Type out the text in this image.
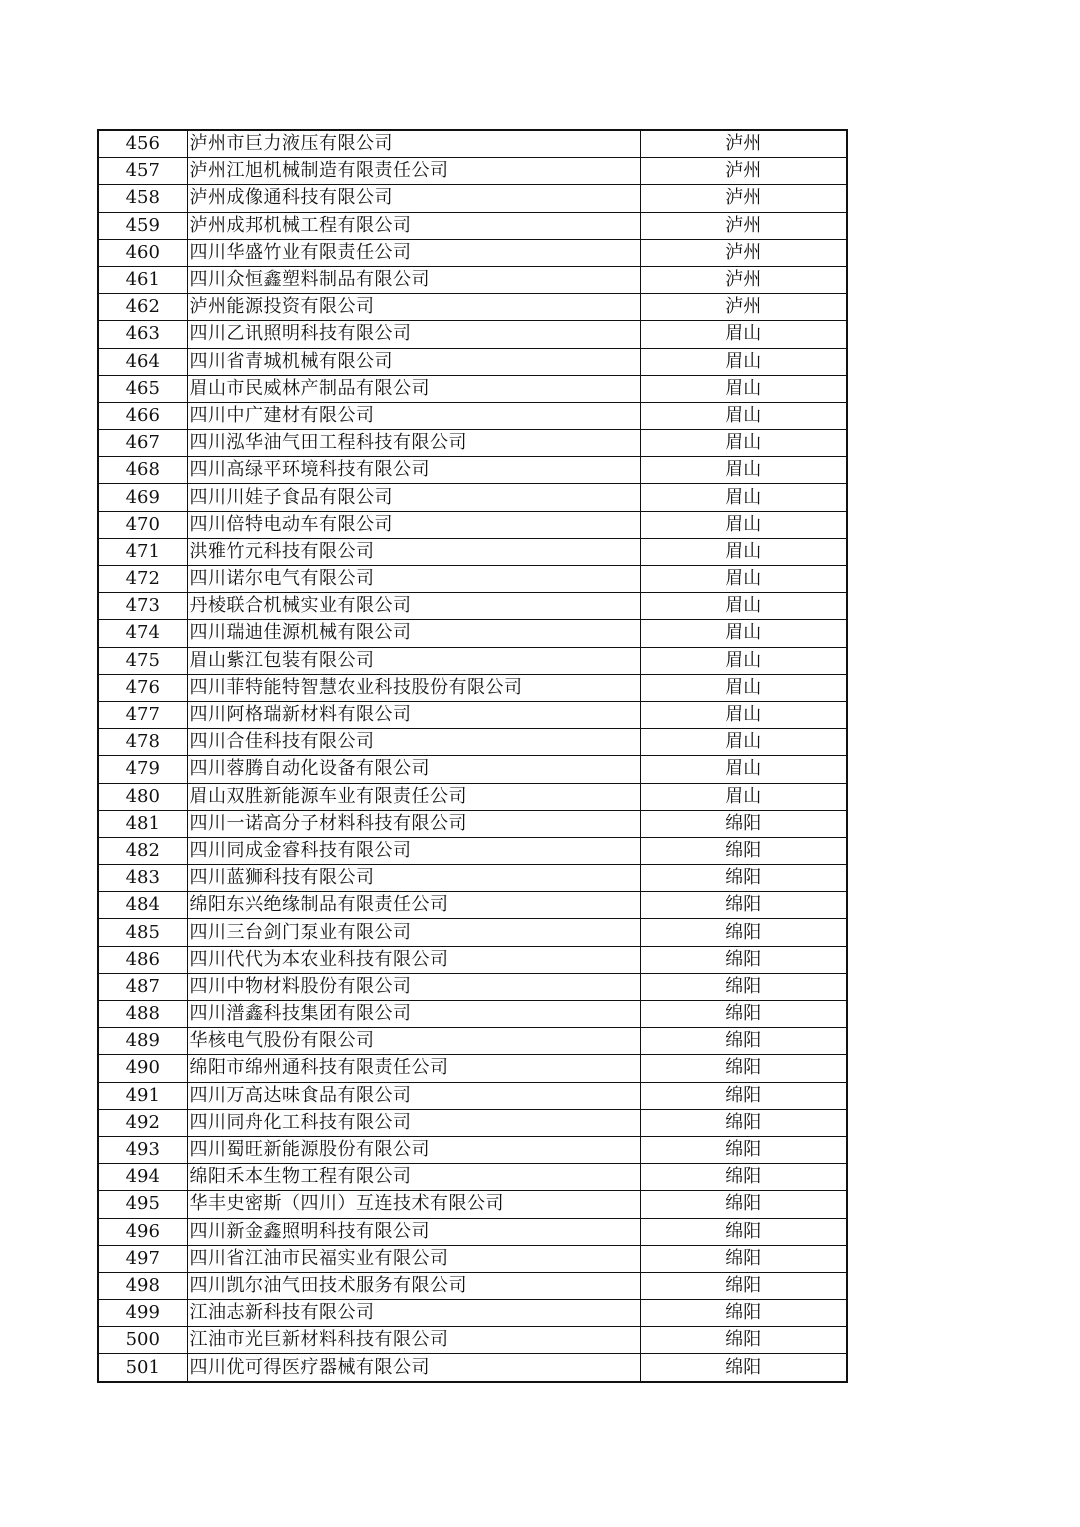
456	泸州市巨力液压有限公司	泸州
457	泸州江旭机械制造有限责任公司	泸州
458	泸州成像通科技有限公司	泸州
459	泸州成邦机械工程有限公司	泸州
460	四川华盛竹业有限责任公司	泸州
461	四川众恒鑫塑料制品有限公司	泸州
462	泸州能源投资有限公司	泸州
463	四川乙讯照明科技有限公司	眉山
464	四川省青城机械有限公司	眉山
465	眉山市民威林产制品有限公司	眉山
466	四川中广建材有限公司	眉山
467	四川泓华油气田工程科技有限公司	眉山
468	四川高绿平环境科技有限公司	眉山
469	四川川娃子食品有限公司	眉山
470	四川倍特电动车有限公司	眉山
471	洪雅竹元科技有限公司	眉山
472	四川诺尔电气有限公司	眉山
473	丹棱联合机械实业有限公司	眉山
474	四川瑞迪佳源机械有限公司	眉山
475	眉山紫江包装有限公司	眉山
476	四川菲特能特智慧农业科技股份有限公司	眉山
477	四川阿格瑞新材料有限公司	眉山
478	四川合佳科技有限公司	眉山
479	四川蓉腾自动化设备有限公司	眉山
480	眉山双胜新能源车业有限责任公司	眉山
481	四川一诺高分子材料科技有限公司	绵阳
482	四川同成金睿科技有限公司	绵阳
483	四川蓝狮科技有限公司	绵阳
484	绵阳东兴绝缘制品有限责任公司	绵阳
485	四川三台剑门泵业有限公司	绵阳
486	四川代代为本农业科技有限公司	绵阳
487	四川中物材料股份有限公司	绵阳
488	四川潽鑫科技集团有限公司	绵阳
489	华核电气股份有限公司	绵阳
490	绵阳市绵州通科技有限责任公司	绵阳
491	四川万高达味食品有限公司	绵阳
492	四川同舟化工科技有限公司	绵阳
493	四川蜀旺新能源股份有限公司	绵阳
494	绵阳禾本生物工程有限公司	绵阳
495	华丰史密斯（四川）互连技术有限公司	绵阳
496	四川新金鑫照明科技有限公司	绵阳
497	四川省江油市民福实业有限公司	绵阳
498	四川凯尔油气田技术服务有限公司	绵阳
499	江油志新科技有限公司	绵阳
500	江油市光巨新材料科技有限公司	绵阳
501	四川优可得医疗器械有限公司	绵阳
